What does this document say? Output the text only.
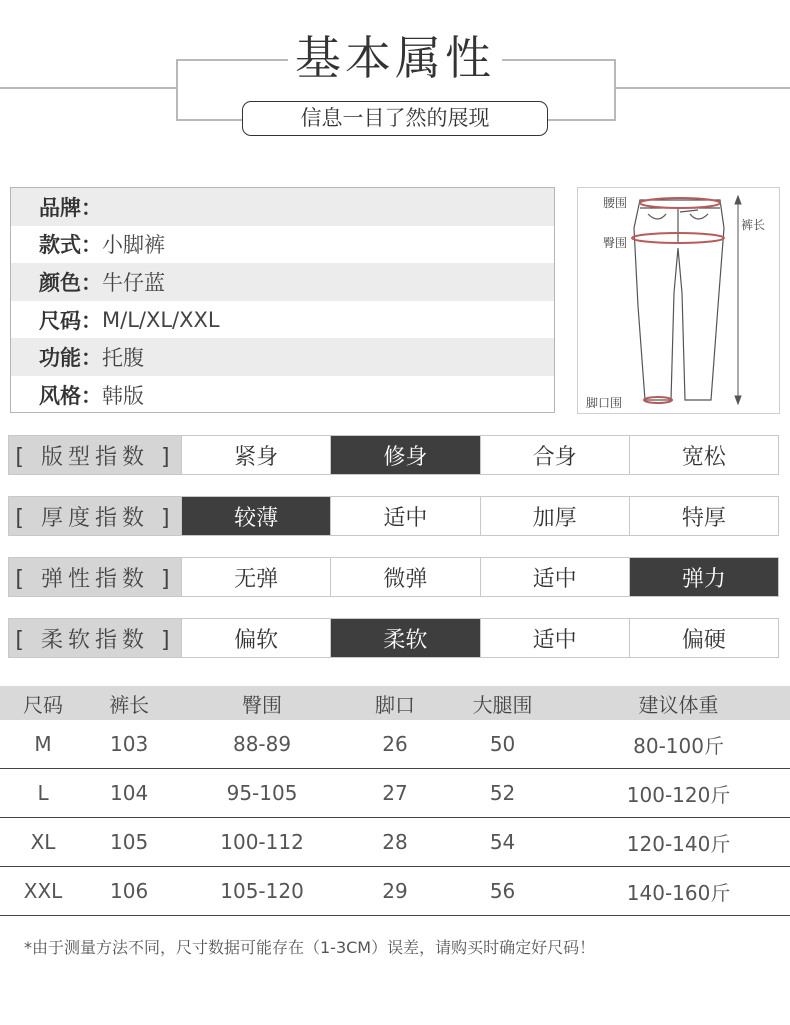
基本属性
信息一目了然的展现
品牌 ：
款式 ： 小脚裤
颜色 ： 牛仔蓝
尺码 ： M/L/XL/XXL
功能 ： 托腹
风格 ： 韩版
腰围
臀围
裤长
脚口围
[ 版型指数 ]	紧身	修身	合身	宽松
[ 厚度指数 ]	较薄	适中	加厚	特厚
[ 弹性指数 ]	无弹	微弹	适中	弹力
[ 柔软指数 ]	偏软	柔软	适中	偏硬
尺码	裤长	臀围	脚口	大腿围	建议体重
M	103	88-89	26	50	80-100斤
L	104	95-105	27	52	100-120斤
XL	105	100-112	28	54	120-140斤
XXL	106	105-120	29	56	140-160斤
*由于测量方法不同，尺寸数据可能存在（1-3CM）误差，请购买时确定好尺码！
